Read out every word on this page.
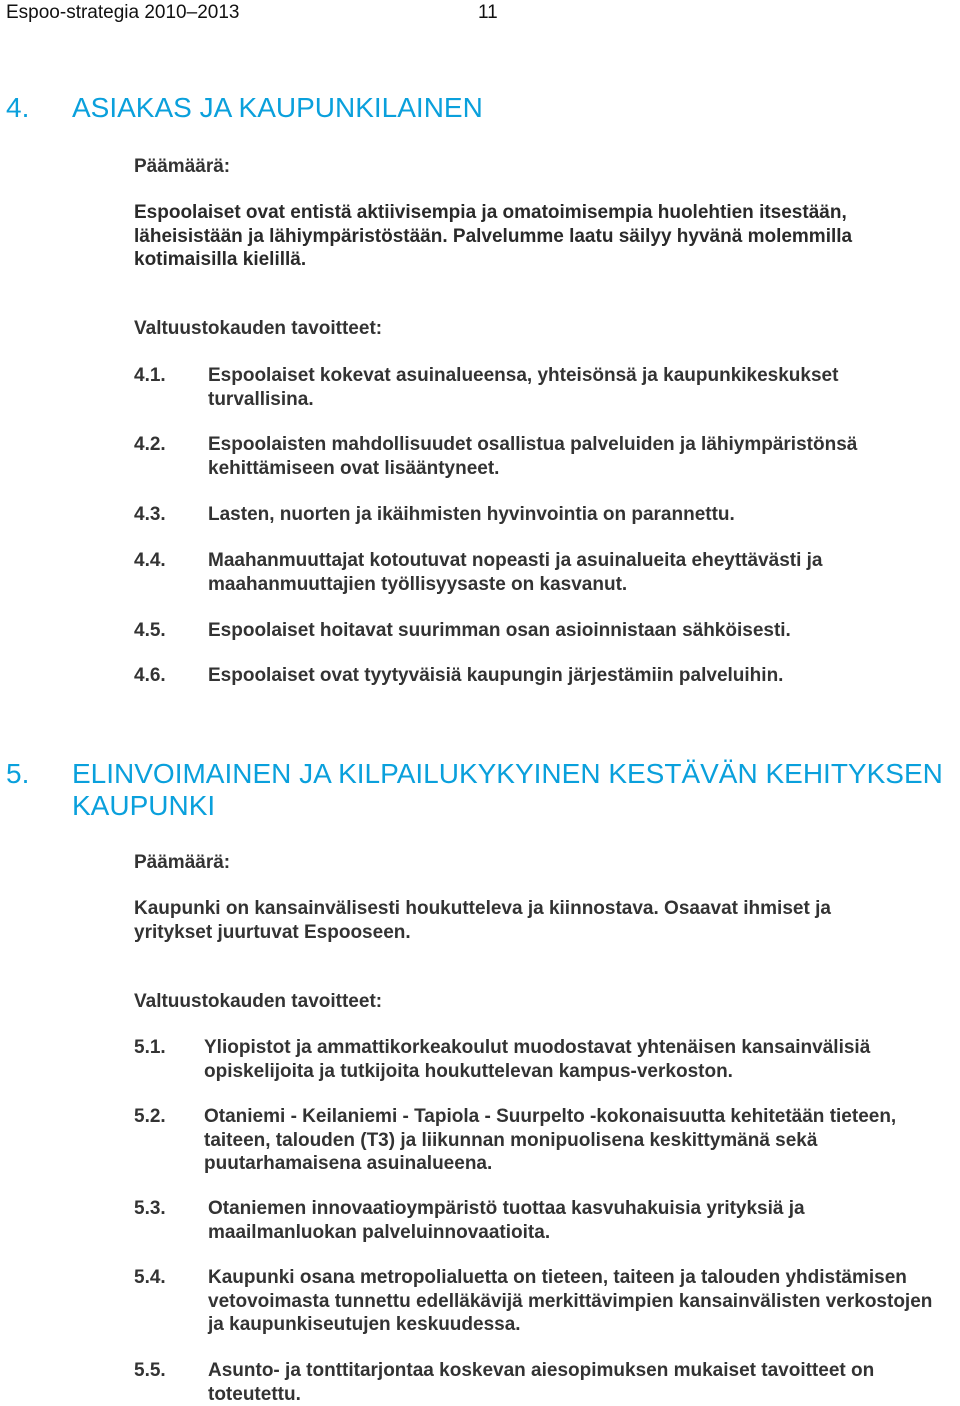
Espoo-strategia 2010–2013	11
4. ASIAKAS JA KAUPUNKILAINEN
Päämäärä:
Espoolaiset ovat entistä aktiivisempia ja omatoimisempia huolehtien itsestään, läheisistään ja lähiympäristöstään. Palvelumme laatu säilyy hyvänä molemmilla kotimaisilla kielillä.
Valtuustokauden tavoitteet:
4.1. Espoolaiset kokevat asuinalueensa, yhteisönsä ja kaupunkikeskukset turvallisina.
4.2. Espoolaisten mahdollisuudet osallistua palveluiden ja lähiympäristönsä kehittämiseen ovat lisääntyneet.
4.3. Lasten, nuorten ja ikäihmisten hyvinvointia on parannettu.
4.4. Maahanmuuttajat kotoutuvat nopeasti ja asuinalueita eheyttävästi ja maahanmuuttajien työllisyysaste on kasvanut.
4.5. Espoolaiset hoitavat suurimman osan asioinnistaan sähköisesti.
4.6. Espoolaiset ovat tyytyväisiä kaupungin järjestämiin palveluihin.
5. ELINVOIMAINEN JA KILPAILUKYKYINEN KESTÄVÄN KEHITYKSEN KAUPUNKI
Päämäärä:
Kaupunki on kansainvälisesti houkutteleva ja kiinnostava. Osaavat ihmiset ja yritykset juurtuvat Espooseen.
Valtuustokauden tavoitteet:
5.1. Yliopistot ja ammattikorkeakoulut muodostavat yhtenäisen kansainvälisiä opiskelijoita ja tutkijoita houkuttelevan kampus-verkoston.
5.2. Otaniemi - Keilaniemi - Tapiola - Suurpelto -kokonaisuutta kehitetään tieteen, taiteen, talouden (T3) ja liikunnan monipuolisena keskittymänä sekä puutarhamaisena asuinalueena.
5.3. Otaniemen innovaatioympäristö tuottaa kasvuhakuisia yrityksiä ja maailmanluokan palveluinnovaatioita.
5.4. Kaupunki osana metropolialuetta on tieteen, taiteen ja talouden yhdistämisen vetovoimasta tunnettu edelläkävijä merkittävimpien kansainvälisten verkostojen ja kaupunkiseutujen keskuudessa.
5.5. Asunto- ja tonttitarjontaa koskevan aiesopimuksen mukaiset tavoitteet on toteutettu.
